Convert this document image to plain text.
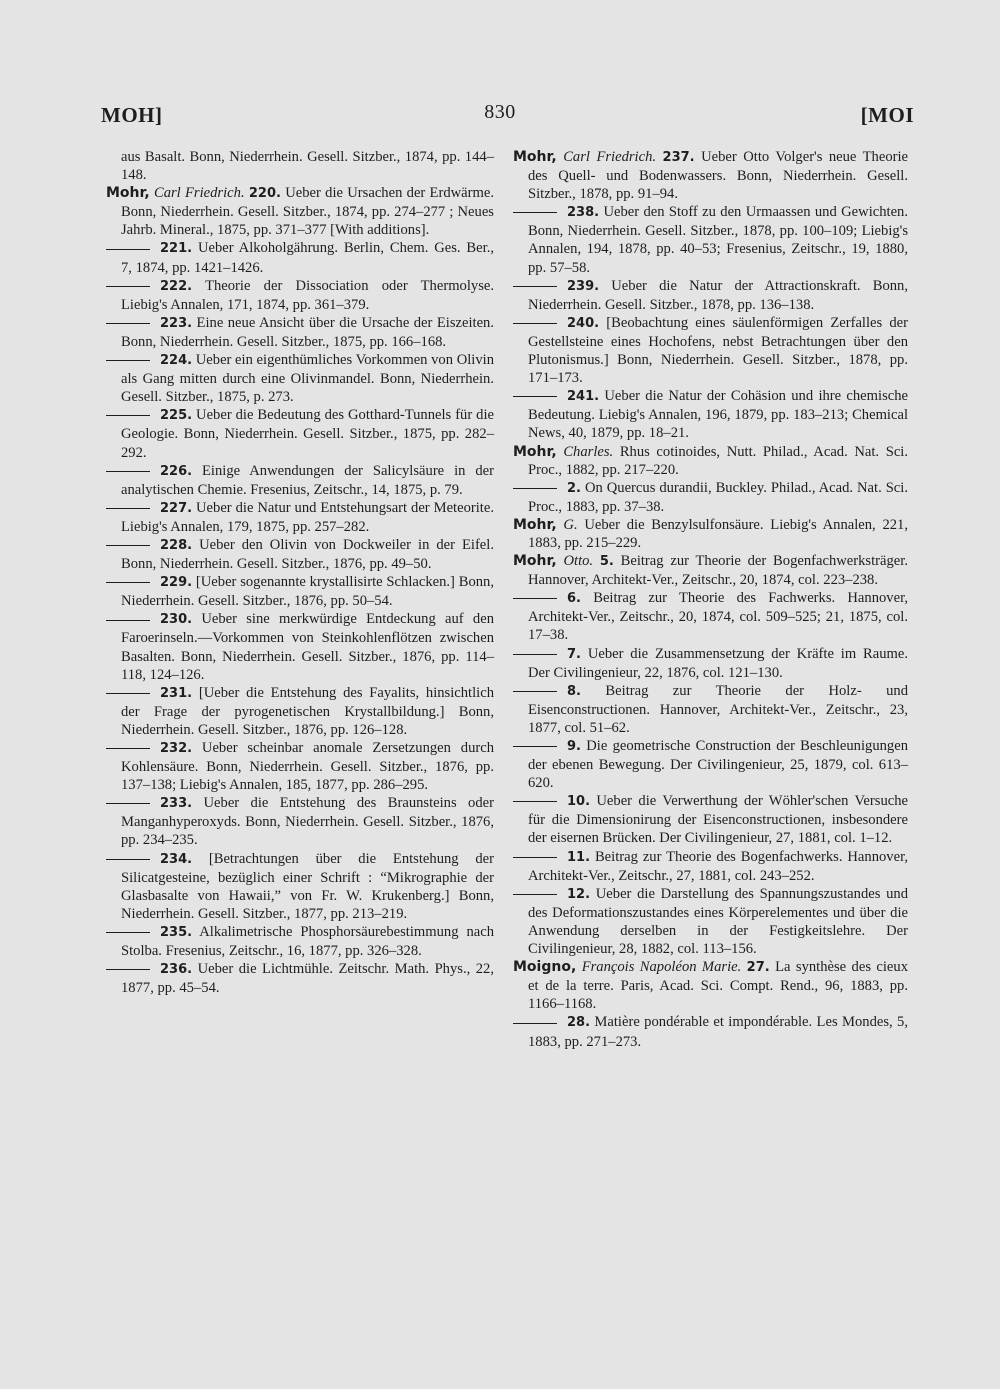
MOH]	830	[MOI

aus Basalt. Bonn, Niederrhein. Gesell. Sitzber., 1874, pp. 144–148.

Mohr, Carl Friedrich. 220. Ueber die Ursachen der Erdwärme. Bonn, Niederrhein. Gesell. Sitzber., 1874, pp. 274–277 ; Neues Jahrb. Mineral., 1875, pp. 371–377 [With additions].

221. Ueber Alkoholgährung. Berlin, Chem. Ges. Ber., 7, 1874, pp. 1421–1426.

222. Theorie der Dissociation oder Thermolyse. Liebig's Annalen, 171, 1874, pp. 361–379.

223. Eine neue Ansicht über die Ursache der Eiszeiten. Bonn, Niederrhein. Gesell. Sitzber., 1875, pp. 166–168.

224. Ueber ein eigenthümliches Vorkommen von Olivin als Gang mitten durch eine Olivinmandel. Bonn, Niederrhein. Gesell. Sitzber., 1875, p. 273.

225. Ueber die Bedeutung des Gotthard-Tunnels für die Geologie. Bonn, Niederrhein. Gesell. Sitzber., 1875, pp. 282–292.

226. Einige Anwendungen der Salicylsäure in der analytischen Chemie. Fresenius, Zeitschr., 14, 1875, p. 79.

227. Ueber die Natur und Entstehungsart der Meteorite. Liebig's Annalen, 179, 1875, pp. 257–282.

228. Ueber den Olivin von Dockweiler in der Eifel. Bonn, Niederrhein. Gesell. Sitzber., 1876, pp. 49–50.

229. [Ueber sogenannte krystallisirte Schlacken.] Bonn, Niederrhein. Gesell. Sitzber., 1876, pp. 50–54.

230. Ueber sine merkwürdige Entdeckung auf den Faroerinseln.—Vorkommen von Steinkohlenflötzen zwischen Basalten. Bonn, Niederrhein. Gesell. Sitzber., 1876, pp. 114–118, 124–126.

231. [Ueber die Entstehung des Fayalits, hinsichtlich der Frage der pyrogenetischen Krystallbildung.] Bonn, Niederrhein. Gesell. Sitzber., 1876, pp. 126–128.

232. Ueber scheinbar anomale Zersetzungen durch Kohlensäure. Bonn, Niederrhein. Gesell. Sitzber., 1876, pp. 137–138; Liebig's Annalen, 185, 1877, pp. 286–295.

233. Ueber die Entstehung des Braunsteins oder Manganhyperoxyds. Bonn, Niederrhein. Gesell. Sitzber., 1876, pp. 234–235.

234. [Betrachtungen über die Entstehung der Silicatgesteine, bezüglich einer Schrift : “Mikrographie der Glasbasalte von Hawaii,” von Fr. W. Krukenberg.] Bonn, Niederrhein. Gesell. Sitzber., 1877, pp. 213–219.

235. Alkalimetrische Phosphorsäurebestimmung nach Stolba. Fresenius, Zeitschr., 16, 1877, pp. 326–328.

236. Ueber die Lichtmühle. Zeitschr. Math. Phys., 22, 1877, pp. 45–54.

Mohr, Carl Friedrich. 237. Ueber Otto Volger's neue Theorie des Quell- und Bodenwassers. Bonn, Niederrhein. Gesell. Sitzber., 1878, pp. 91–94.

238. Ueber den Stoff zu den Urmaassen und Gewichten. Bonn, Niederrhein. Gesell. Sitzber., 1878, pp. 100–109; Liebig's Annalen, 194, 1878, pp. 40–53; Fresenius, Zeitschr., 19, 1880, pp. 57–58.

239. Ueber die Natur der Attractionskraft. Bonn, Niederrhein. Gesell. Sitzber., 1878, pp. 136–138.

240. [Beobachtung eines säulenförmigen Zerfalles der Gestellsteine eines Hochofens, nebst Betrachtungen über den Plutonismus.] Bonn, Niederrhein. Gesell. Sitzber., 1878, pp. 171–173.

241. Ueber die Natur der Cohäsion und ihre chemische Bedeutung. Liebig's Annalen, 196, 1879, pp. 183–213; Chemical News, 40, 1879, pp. 18–21.

Mohr, Charles. Rhus cotinoides, Nutt. Philad., Acad. Nat. Sci. Proc., 1882, pp. 217–220.

2. On Quercus durandii, Buckley. Philad., Acad. Nat. Sci. Proc., 1883, pp. 37–38.

Mohr, G. Ueber die Benzylsulfonsäure. Liebig's Annalen, 221, 1883, pp. 215–229.

Mohr, Otto. 5. Beitrag zur Theorie der Bogenfachwerksträger. Hannover, Architekt-Ver., Zeitschr., 20, 1874, col. 223–238.

6. Beitrag zur Theorie des Fachwerks. Hannover, Architekt-Ver., Zeitschr., 20, 1874, col. 509–525; 21, 1875, col. 17–38.

7. Ueber die Zusammensetzung der Kräfte im Raume. Der Civilingenieur, 22, 1876, col. 121–130.

8. Beitrag zur Theorie der Holz- und Eisenconstructionen. Hannover, Architekt-Ver., Zeitschr., 23, 1877, col. 51–62.

9. Die geometrische Construction der Beschleunigungen der ebenen Bewegung. Der Civilingenieur, 25, 1879, col. 613–620.

10. Ueber die Verwerthung der Wöhler'schen Versuche für die Dimensionirung der Eisenconstructionen, insbesondere der eisernen Brücken. Der Civilingenieur, 27, 1881, col. 1–12.

11. Beitrag zur Theorie des Bogenfachwerks. Hannover, Architekt-Ver., Zeitschr., 27, 1881, col. 243–252.

12. Ueber die Darstellung des Spannungszustandes und des Deformationszustandes eines Körperelementes und über die Anwendung derselben in der Festigkeitslehre. Der Civilingenieur, 28, 1882, col. 113–156.

Moigno, François Napoléon Marie. 27. La synthèse des cieux et de la terre. Paris, Acad. Sci. Compt. Rend., 96, 1883, pp. 1166–1168.

28. Matière pondérable et impondérable. Les Mondes, 5, 1883, pp. 271–273.
